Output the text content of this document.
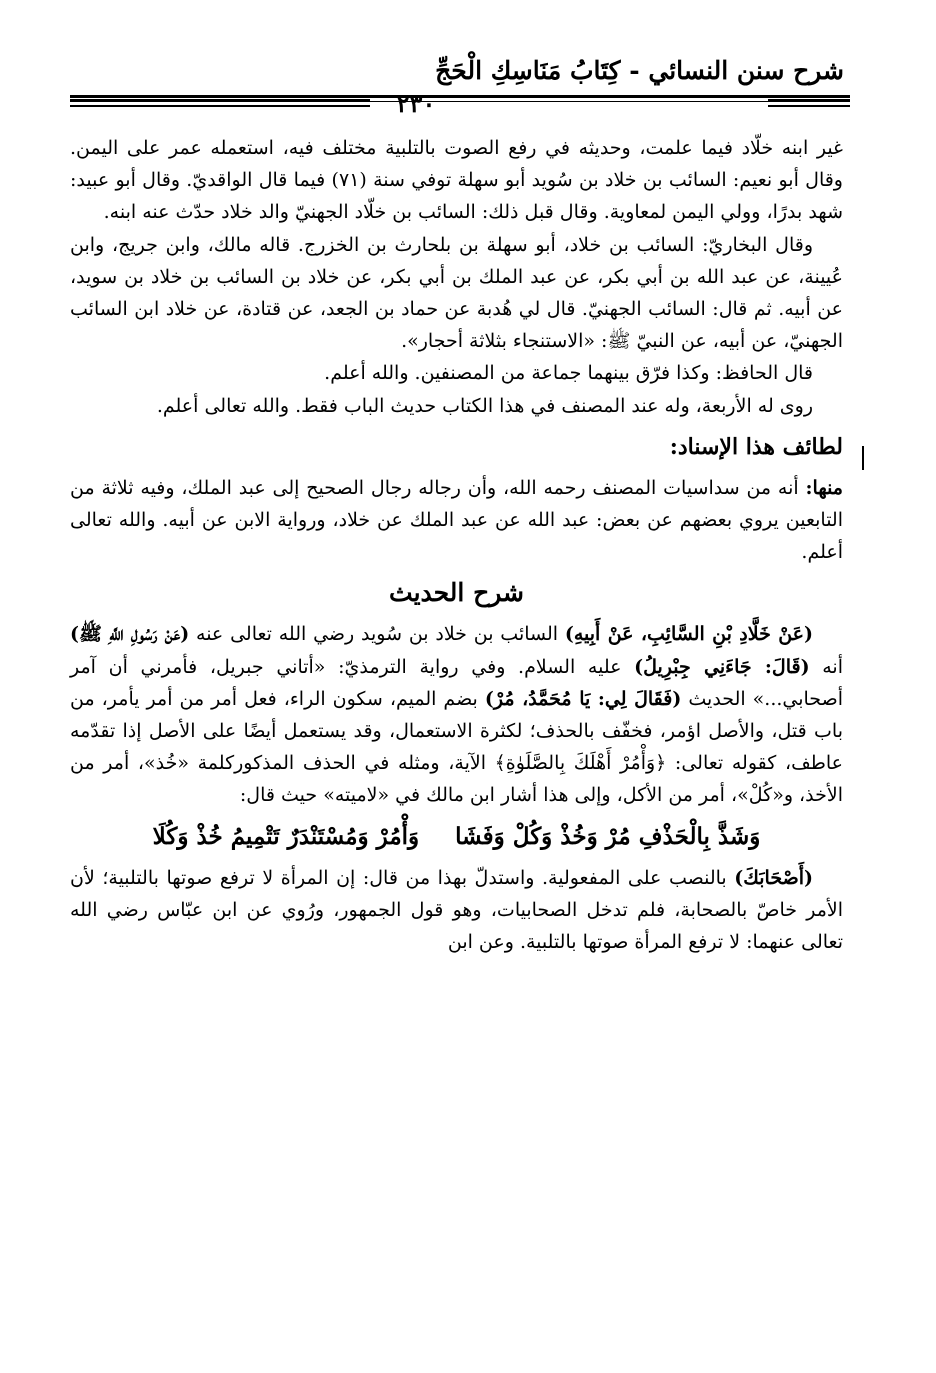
شرح سنن النسائي - كِتَابُ مَنَاسِكِ الْحَجِّ
٢٣٠

غير ابنه خلّاد فيما علمت، وحديثه في رفع الصوت بالتلبية مختلف فيه، استعمله عمر على اليمن. وقال أبو نعيم: السائب بن خلاد بن سُويد أبو سهلة توفي سنة (٧١) فيما قال الواقديّ. وقال أبو عبيد: شهد بدرًا، وولي اليمن لمعاوية. وقال قبل ذلك: السائب بن خلّاد الجهنيّ والد خلاد حدّث عنه ابنه.

وقال البخاريّ: السائب بن خلاد، أبو سهلة بن بلحارث بن الخزرج. قاله مالك، وابن جريج، وابن عُيينة، عن عبد الله بن أبي بكر، عن عبد الملك بن أبي بكر، عن خلاد بن السائب بن خلاد بن سويد، عن أبيه. ثم قال: السائب الجهنيّ. قال لي هُدبة عن حماد بن الجعد، عن قتادة، عن خلاد ابن السائب الجهنيّ، عن أبيه، عن النبيّ ﷺ: «الاستنجاء بثلاثة أحجار».

قال الحافظ: وكذا فرّق بينهما جماعة من المصنفين. والله أعلم.

روى له الأربعة، وله عند المصنف في هذا الكتاب حديث الباب فقط. والله تعالى أعلم.

لطائف هذا الإسناد:

منها: أنه من سداسيات المصنف رحمه الله، وأن رجاله رجال الصحيح إلى عبد الملك، وفيه ثلاثة من التابعين يروي بعضهم عن بعض: عبد الله عن عبد الملك عن خلاد، ورواية الابن عن أبيه. والله تعالى أعلم.

شرح الحديث

(عَنْ خَلَّادِ بْنِ السَّائِبِ، عَنْ أَبِيهِ) السائب بن خلاد بن سُويد رضي الله تعالى عنه (عَنْ رَسُولِ اللَّهِ ﷺ) أنه (قَالَ: جَاءَنِي جِبْرِيلُ) عليه السلام. وفي رواية الترمذيّ: «أتاني جبريل، فأمرني أن آمر أصحابي...» الحديث (فَقَالَ لِي: يَا مُحَمَّدُ، مُرْ) بضم الميم، سكون الراء، فعل أمر من أمر يأمر، من باب قتل، والأصل اؤمر، فخفّف بالحذف؛ لكثرة الاستعمال، وقد يستعمل أيضًا على الأصل إذا تقدّمه عاطف، كقوله تعالى: ﴿وَأْمُرْ أَهْلَكَ بِالصَّلَوٰةِ﴾ الآية، ومثله في الحذف المذكوركلمة «خُذ»، أمر من الأخذ، و«كُلْ»، أمر من الأكل، وإلى هذا أشار ابن مالك في «لاميته» حيث قال:

وَشَذَّ بِالْحَذْفِ مُرْ وَخُذْ وَكُلْ وَفَشَاوَأْمُرْ وَمُسْتَنْدَرٌ تَتْمِيمُ خُذْ وَكُلَا

(أَصْحَابَكَ) بالنصب على المفعولية. واستدلّ بهذا من قال: إن المرأة لا ترفع صوتها بالتلبية؛ لأن الأمر خاصّ بالصحابة، فلم تدخل الصحابيات، وهو قول الجمهور، ورُوي عن ابن عبّاس رضي الله تعالى عنهما: لا ترفع المرأة صوتها بالتلبية. وعن ابن
